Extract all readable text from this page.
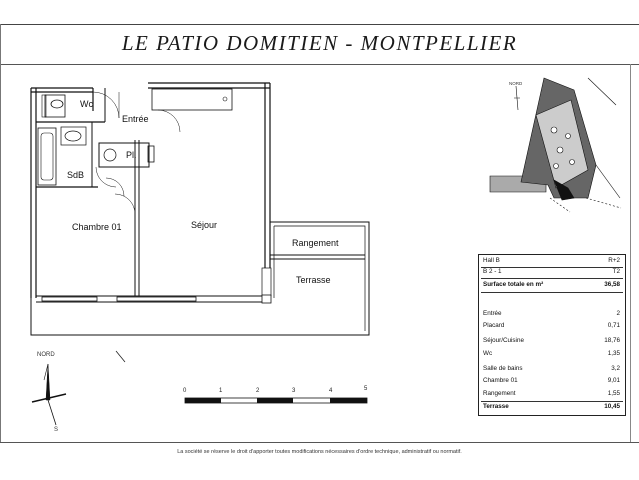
LE PATIO DOMITIEN - MONTPELLIER
Wc
Entrée
Pl.
SdB
Chambre 01	Séjour
Rangement
Terrasse
NORD
S
0	1	2	3	4	5
NORD
Hall B	R+2
B 2 - 1	T2
Surface totale en m²	36,58
Entrée	2
Placard	0,71
Séjour/Cuisine	18,76
Wc	1,35
Salle de bains	3,2
Chambre 01	9,01
Rangement	1,55
Terrasse	10,45
La société se réserve le droit d'apporter toutes modifications nécessaires d'ordre technique, administratif ou normatif.
